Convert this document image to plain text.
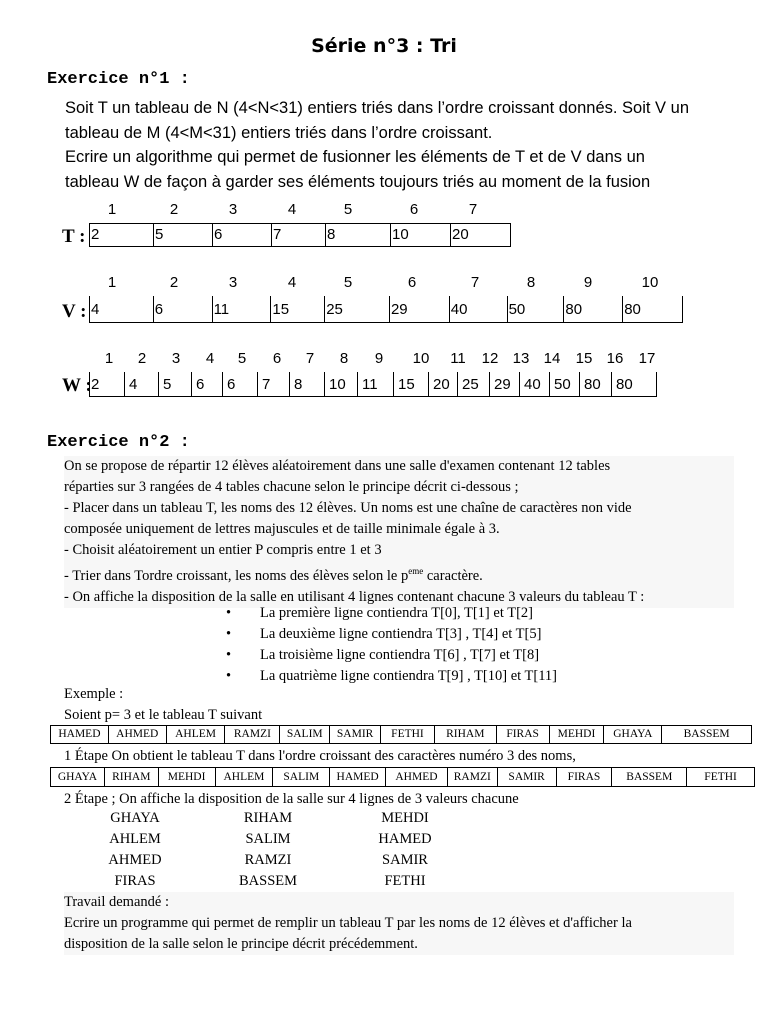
Série n°3 : Tri
Exercice n°1 :
Soit T un tableau de N (4<N<31) entiers triés dans l’ordre croissant donnés. Soit V un
tableau de M (4<M<31) entiers triés dans l’ordre croissant.
Ecrire un algorithme qui permet de fusionner les éléments de T et de V dans un
tableau W de façon à garder ses éléments toujours triés au moment de la fusion
T :
1	2	3	4	5	6	7
2	5	6	7	8	10	20
V :
1	2	3	4	5	6	7	8	9	10
4	6	11	15	25	29	40	50	80	80
W :
1	2	3	4	5	6	7	8	9	10 11 12 13 14 15 16 17
2	4	5	6	6	7	8	10	11	15	20 25	29 40 50 80	80
Exercice n°2 :
On se propose de répartir 12 élèves aléatoirement dans une salle d'examen contenant 12 tables
réparties sur 3 rangées de 4 tables chacune selon le principe décrit ci-dessous ;
- Placer dans un tableau T, les noms des 12 élèves. Un noms est une chaîne de caractères non vide
composée uniquement de lettres majuscules et de taille minimale égale à 3.
- Choisit aléatoirement un entier P compris entre 1 et 3
- Trier dans Tordre croissant, les noms des élèves selon le $p^{eme}$ caractère.
- On affiche la disposition de la salle en utilisant 4 lignes contenant chacune 3 valeurs du tableau T :
• La première ligne contiendra T[0], T[1] et T[2]
• La deuxième ligne contiendra T[3] , T[4] et T[5]
• La troisième ligne contiendra T[6] , T[7] et T[8]
• La quatrième ligne contiendra T[9] , T[10] et T[11]
Exemple :
Soient p= 3 et le tableau T suivant
HAMED	AHMED	AHLEM	RAMZI	SALIM	SAMIR	FETHI	RIHAM	FIRAS	MEHDI	GHAYA	BASSEM
1 Étape On obtient le tableau T dans l'ordre croissant des caractères numéro 3 des noms,
GHAYA	RIHAM	MEHDI	AHLEM	SALIM	HAMED	AHMED	RAMZI	SAMIR	FIRAS	BASSEM	FETHI
2 Étape ; On affiche la disposition de la salle sur 4 lignes de 3 valeurs chacune
GHAYA	RIHAM	MEHDI
AHLEM	SALIM	HAMED
AHMED	RAMZI	SAMIR
FIRAS	BASSEM	FETHI
Travail demandé :
Ecrire un programme qui permet de remplir un tableau T par les noms de 12 élèves et d'afficher la
disposition de la salle selon le principe décrit précédemment.
